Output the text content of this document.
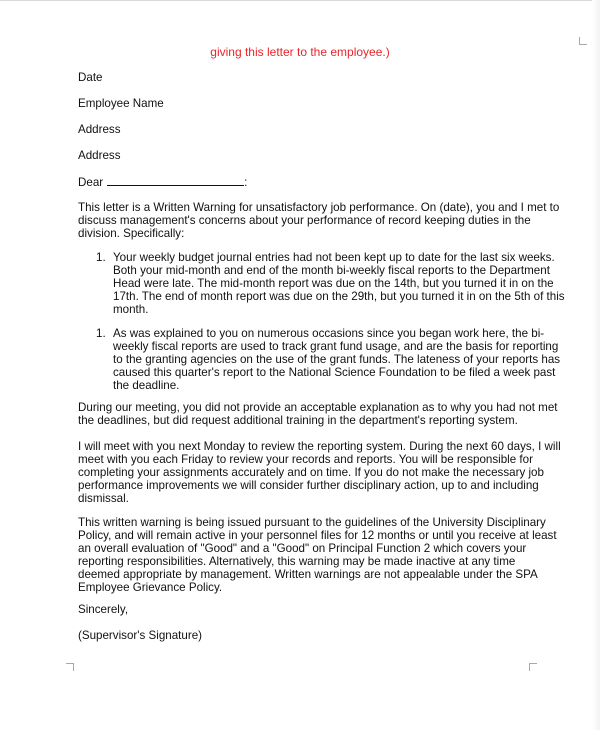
giving this letter to the employee.)
Date
Employee Name
Address
Address
Dear	:
This letter is a Written Warning for unsatisfactory job performance. On (date), you and I met to
discuss management's concerns about your performance of record keeping duties in the
division. Specifically:
1. Your weekly budget journal entries had not been kept up to date for the last six weeks.
Both your mid-month and end of the month bi-weekly fiscal reports to the Department
Head were late. The mid-month report was due on the 14th, but you turned it in on the
17th. The end of month report was due on the 29th, but you turned it in on the 5th of this
month.
1. As was explained to you on numerous occasions since you began work here, the bi-
weekly fiscal reports are used to track grant fund usage, and are the basis for reporting
to the granting agencies on the use of the grant funds. The lateness of your reports has
caused this quarter's report to the National Science Foundation to be filed a week past
the deadline.
During our meeting, you did not provide an acceptable explanation as to why you had not met
the deadlines, but did request additional training in the department's reporting system.
I will meet with you next Monday to review the reporting system. During the next 60 days, I will
meet with you each Friday to review your records and reports. You will be responsible for
completing your assignments accurately and on time. If you do not make the necessary job
performance improvements we will consider further disciplinary action, up to and including
dismissal.
This written warning is being issued pursuant to the guidelines of the University Disciplinary
Policy, and will remain active in your personnel files for 12 months or until you receive at least
an overall evaluation of "Good" and a "Good" on Principal Function 2 which covers your
reporting responsibilities. Alternatively, this warning may be made inactive at any time
deemed appropriate by management. Written warnings are not appealable under the SPA
Employee Grievance Policy.
Sincerely,
(Supervisor's Signature)
